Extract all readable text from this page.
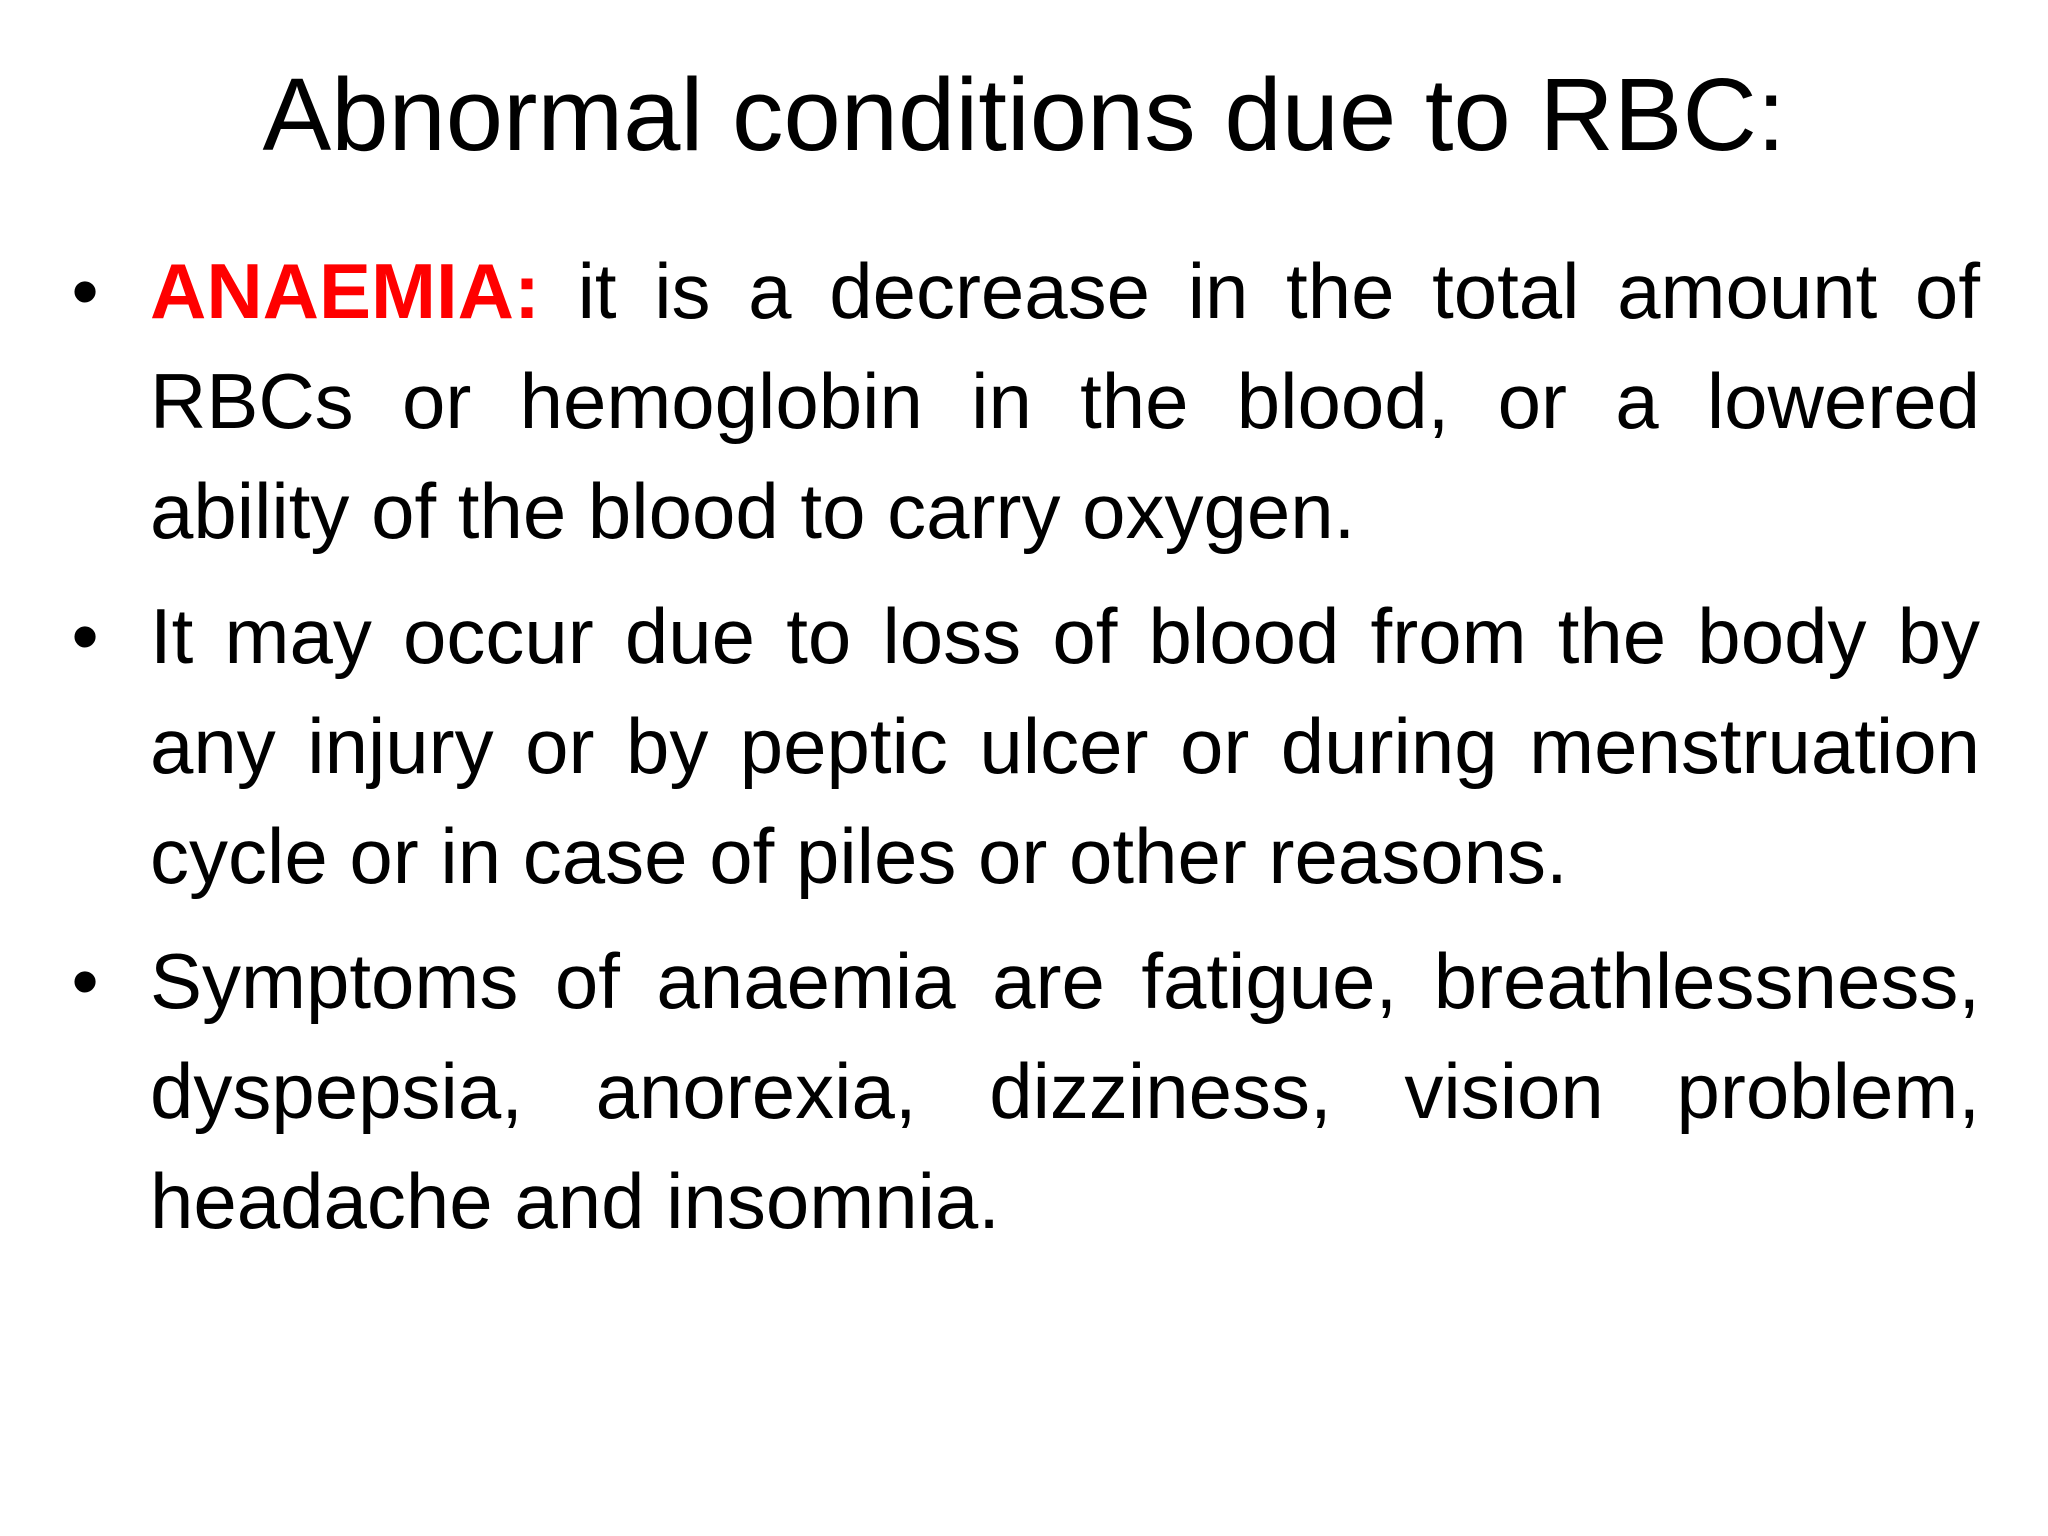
Abnormal conditions due to RBC:
• ANAEMIA: it is a decrease in the total amount of RBCs or hemoglobin in the blood, or a lowered ability of the blood to carry oxygen.
• It may occur due to loss of blood from the body by any injury or by peptic ulcer or during menstruation cycle or in case of piles or other reasons.
• Symptoms of anaemia are fatigue, breathlessness, dyspepsia, anorexia, dizziness, vision problem, headache and insomnia.
